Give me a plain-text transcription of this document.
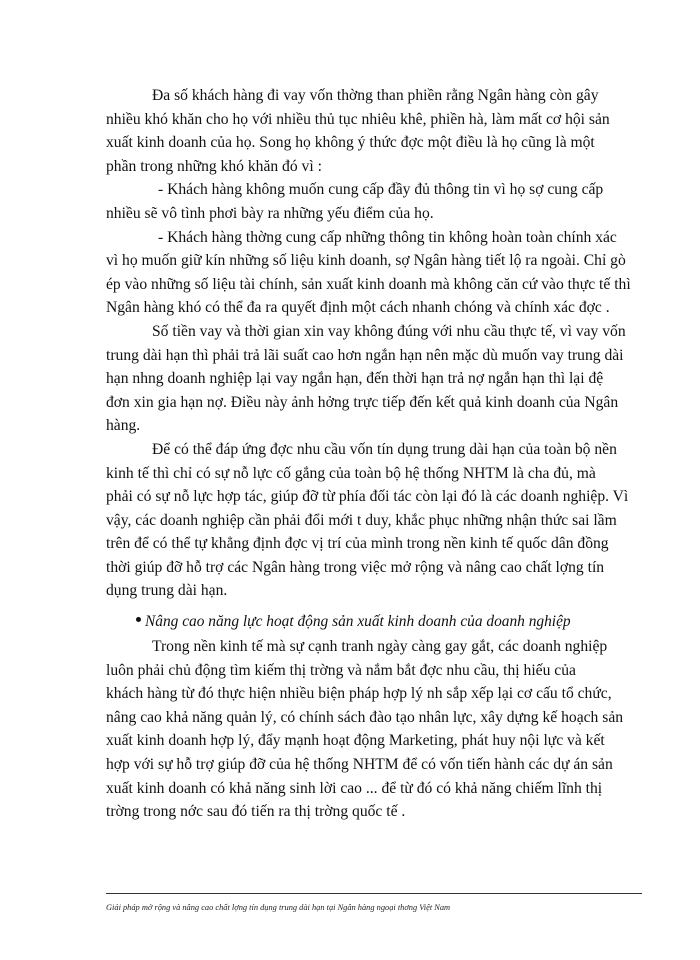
Đa số khách hàng đi vay vốn thờng than phiền rằng Ngân hàng còn gây
nhiều khó khăn cho họ với nhiều thủ tục nhiêu khê, phiền hà, làm mất cơ hội sản
xuất kinh doanh của họ. Song họ không ý thức đợc một điều là họ cũng là một
phần trong những khó khăn đó vì :

- Khách hàng không muốn cung cấp đầy đủ thông tin vì họ sợ cung cấp
nhiều sẽ vô tình phơi bày ra những yếu điểm của họ.

- Khách hàng thờng cung cấp những thông tin không hoàn toàn chính xác
vì họ muốn giữ kín những số liệu kinh doanh, sợ Ngân hàng tiết lộ ra ngoài. Chỉ gò
ép vào những số liệu tài chính, sản xuất kinh doanh mà không căn cứ vào thực tế thì
Ngân hàng khó có thể đa ra quyết định một cách nhanh chóng và chính xác đợc .

Số tiền vay và thời gian xin vay không đúng với nhu cầu thực tế, vì vay vốn
trung dài hạn thì phải trả lãi suất cao hơn ngắn hạn nên mặc dù muốn vay trung dài
hạn nhng doanh nghiệp lại vay ngắn hạn, đến thời hạn trả nợ ngắn hạn thì lại đệ
đơn xin gia hạn nợ. Điều này ảnh hởng trực tiếp đến kết quả kinh doanh của Ngân
hàng.

Để có thể đáp ứng đợc nhu cầu vốn tín dụng trung dài hạn của toàn bộ nền
kinh tế thì chỉ có sự nỗ lực cố gắng của toàn bộ hệ thống NHTM là cha đủ, mà
phải có sự nỗ lực hợp tác, giúp đỡ từ phía đối tác còn lại đó là các doanh nghiệp. Vì
vậy, các doanh nghiệp cần phải đổi mới t duy, khắc phục những nhận thức sai lầm
trên để có thể tự khẳng định đợc vị trí của mình trong nền kinh tế quốc dân đồng
thời giúp đỡ hỗ trợ các Ngân hàng trong việc mở rộng và nâng cao chất lợng tín
dụng trung dài hạn.

Nâng cao năng lực hoạt động sản xuất kinh doanh của doanh nghiệp

Trong nền kinh tế mà sự cạnh tranh ngày càng gay gắt, các doanh nghiệp
luôn phải chủ động tìm kiếm thị trờng và nắm bắt đợc nhu cầu, thị hiếu của
khách hàng từ đó thực hiện nhiều biện pháp hợp lý nh sắp xếp lại cơ cấu tổ chức,
nâng cao khả năng quản lý, có chính sách đào tạo nhân lực, xây dựng kế hoạch sản
xuất kinh doanh hợp lý, đẩy mạnh hoạt động Marketing, phát huy nội lực và kết
hợp với sự hỗ trợ giúp đỡ của hệ thống NHTM để có vốn tiến hành các dự án sản
xuất kinh doanh có khả năng sinh lời cao ... để từ đó có khả năng chiếm lĩnh thị
trờng trong nớc sau đó tiến ra thị trờng quốc tế .

Giải pháp mở rộng và nâng cao chất lợng tín dụng trung dài hạn tại Ngân hàng ngoại thơng Việt Nam
